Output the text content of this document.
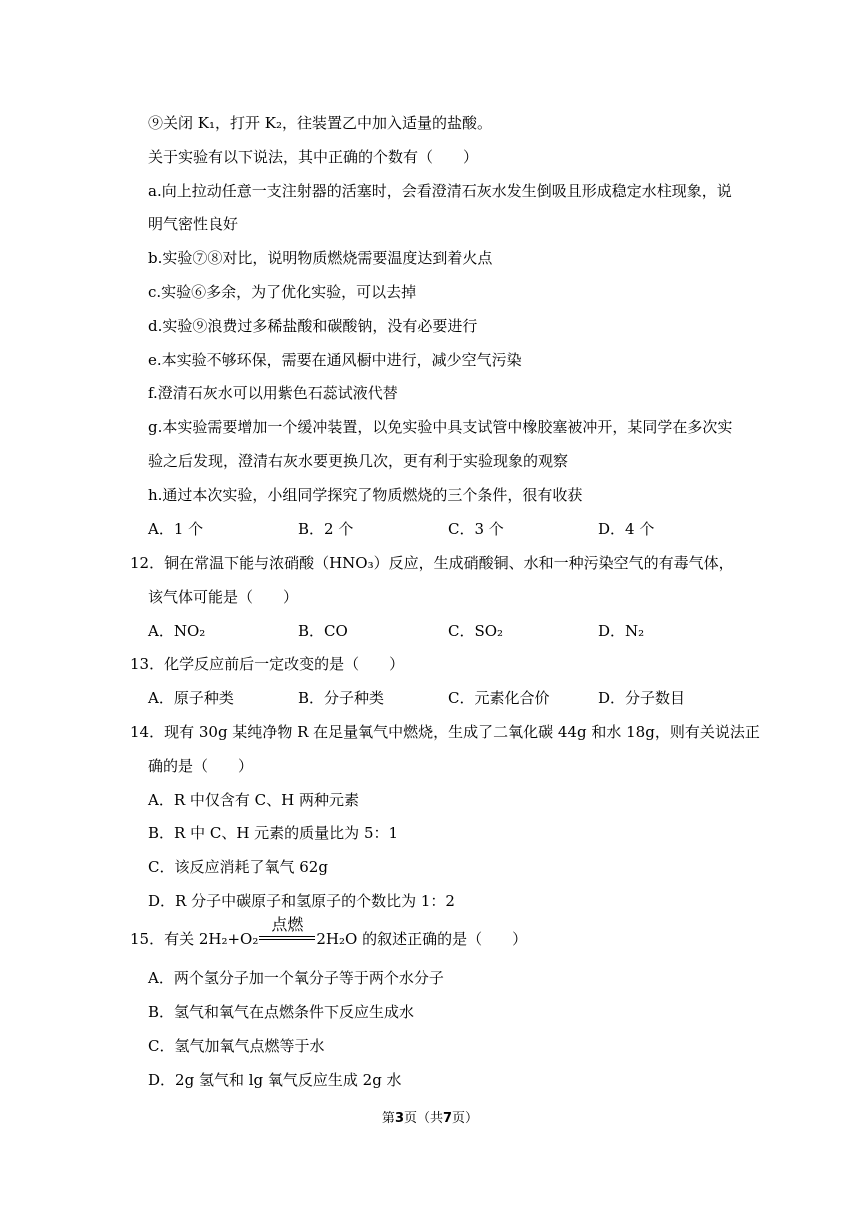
⑨关闭 K₁，打开 K₂，往装置乙中加入适量的盐酸。
关于实验有以下说法，其中正确的个数有（　　）
a.向上拉动任意一支注射器的活塞时，会看澄清石灰水发生倒吸且形成稳定水柱现象，说
明气密性良好
b.实验⑦⑧对比，说明物质燃烧需要温度达到着火点
c.实验⑥多余，为了优化实验，可以去掉
d.实验⑨浪费过多稀盐酸和碳酸钠，没有必要进行
e.本实验不够环保，需要在通风橱中进行，减少空气污染
f.澄清石灰水可以用紫色石蕊试液代替
g.本实验需要增加一个缓冲装置，以免实验中具支试管中橡胶塞被冲开，某同学在多次实
验之后发现，澄清右灰水要更换几次，更有利于实验现象的观察
h.通过本次实验，小组同学探究了物质燃烧的三个条件，很有收获
A．1 个	B．2 个	C．3 个	D．4 个
12．铜在常温下能与浓硝酸（HNO₃）反应，生成硝酸铜、水和一种污染空气的有毒气体，
该气体可能是（　　）
A．NO₂	B．CO	C．SO₂	D．N₂
13．化学反应前后一定改变的是（　　）
A．原子种类	B．分子种类	C．元素化合价	D．分子数目
14．现有 30g 某纯净物 R 在足量氧气中燃烧，生成了二氧化碳 44g 和水 18g，则有关说法正
确的是（　　）
A．R 中仅含有 C、H 两种元素
B．R 中 C、H 元素的质量比为 5：1
C．该反应消耗了氧气 62g
D．R 分子中碳原子和氢原子的个数比为 1：2
15．有关 2H₂+O₂
点燃
2H₂O 的叙述正确的是（　　）
A．两个氢分子加一个氧分子等于两个水分子
B．氢气和氧气在点燃条件下反应生成水
C．氢气加氧气点燃等于水
D．2g 氢气和 lg 氧气反应生成 2g 水
第3页（共7页）
